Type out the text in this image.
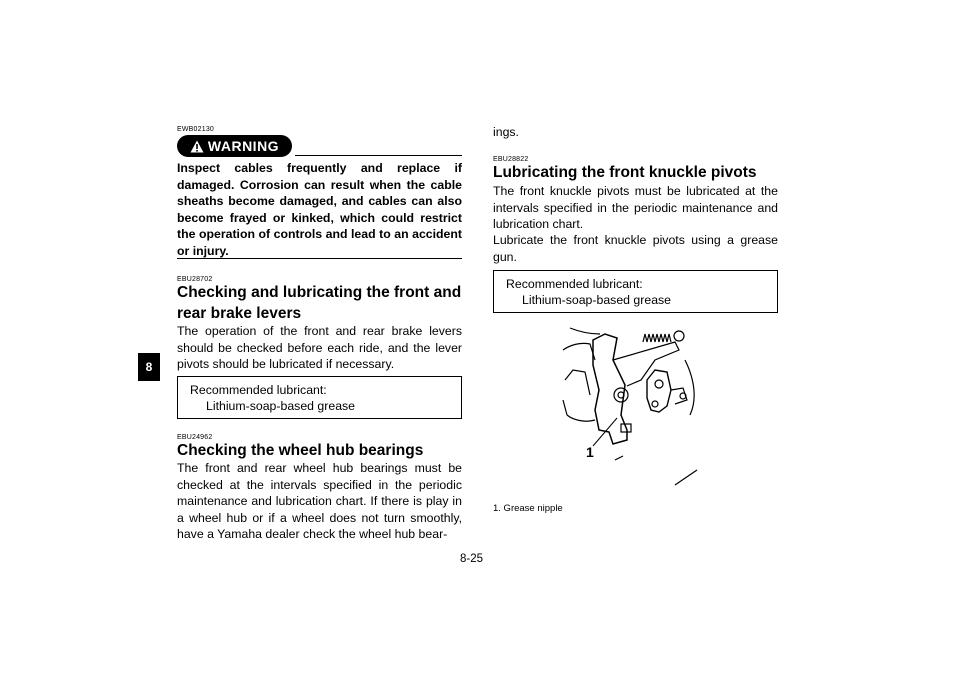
8
EWB02130
WARNING

Inspect cables frequently and replace if damaged. Corrosion can result when the cable sheaths become damaged, and cables can also become frayed or kinked, which could restrict the operation of controls and lead to an accident or injury.

EBU28702
Checking and lubricating the front and
rear brake levers

The operation of the front and rear brake levers should be checked before each ride, and the lever pivots should be lubricated if necessary.

Recommended lubricant:
Lithium-soap-based grease
EBU24962
Checking the wheel hub bearings

The front and rear wheel hub bearings must be checked at the intervals specified in the periodic maintenance and lubrication chart. If there is play in a wheel hub or if a wheel does not turn smoothly, have a Yamaha dealer check the wheel hub bear-

ings.

EBU28822
Lubricating the front knuckle pivots

The front knuckle pivots must be lubricated at the intervals specified in the periodic maintenance and lubrication chart.

Lubricate the front knuckle pivots using a grease gun.

Recommended lubricant:
Lithium-soap-based grease
1
1. Grease nipple
8-25
